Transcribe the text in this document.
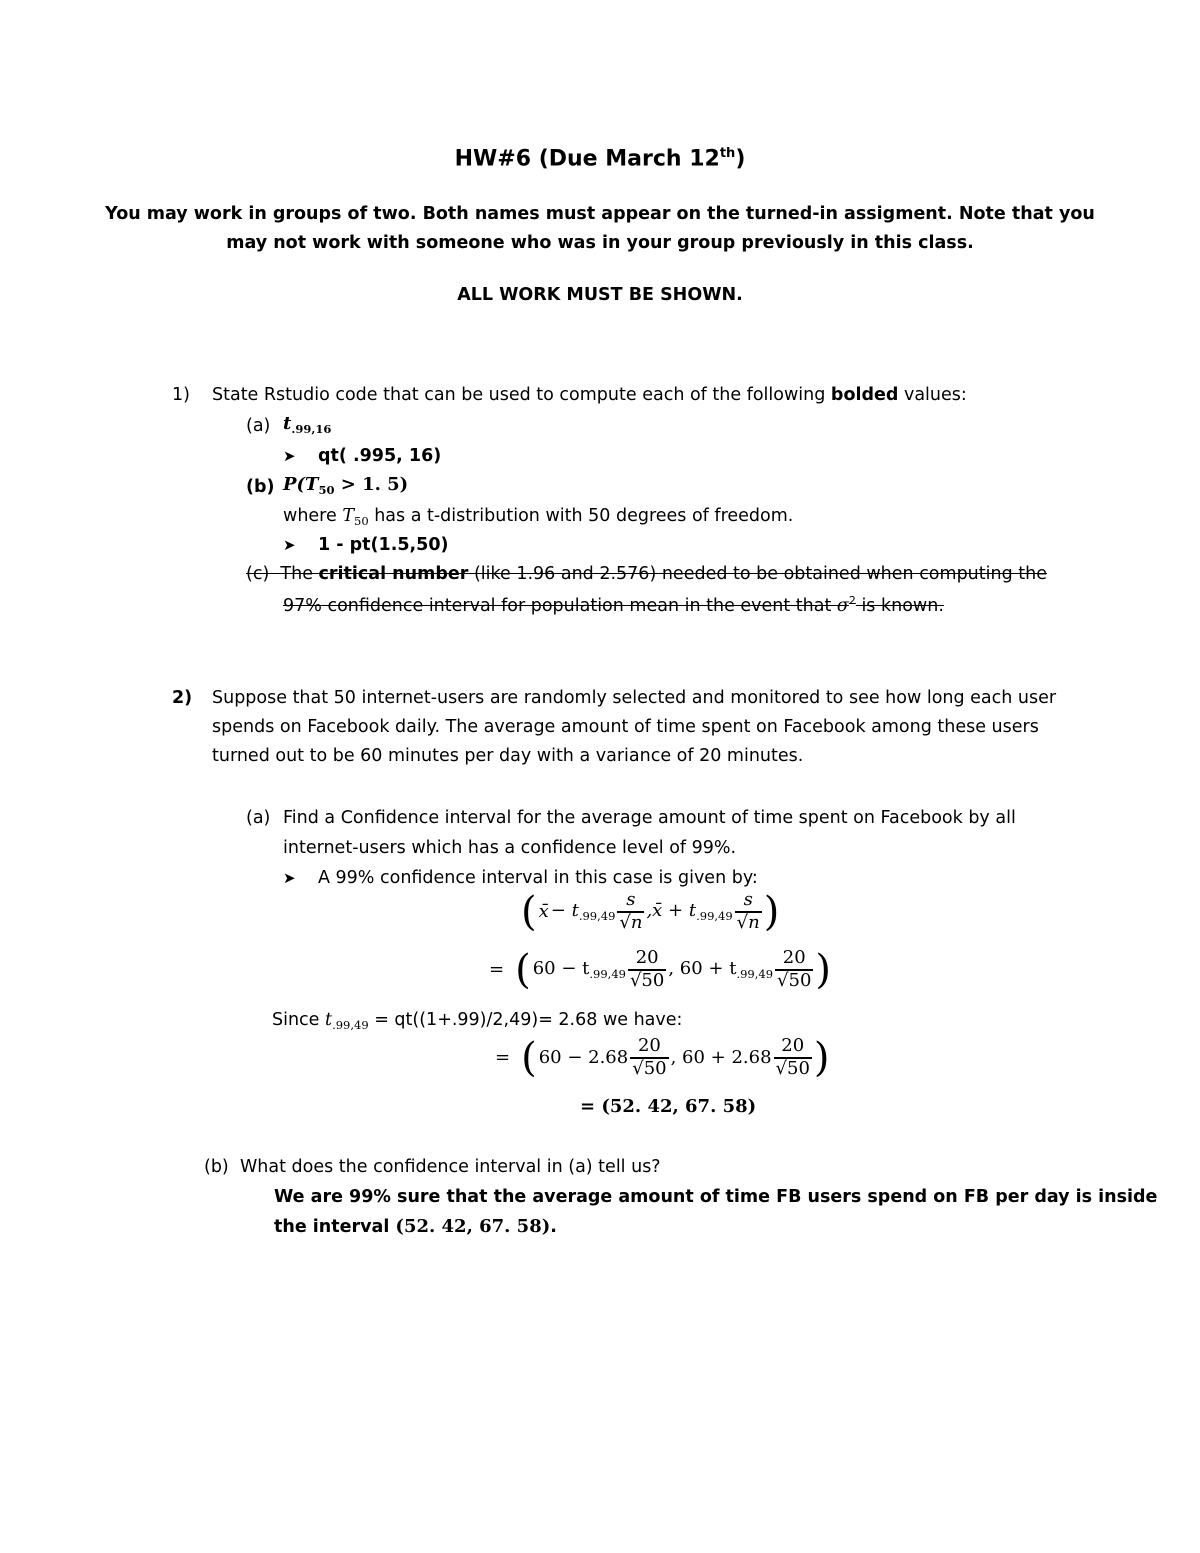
HW#6 (Due March 12th)
You may work in groups of two. Both names must appear on the turned-in assigment. Note that you
may not work with someone who was in your group previously in this class.
ALL WORK MUST BE SHOWN.
1) State Rstudio code that can be used to compute each of the following bolded values:
(a) $t_{.99,16}$
➤ qt( .995, 16)
(b) $P(T_{50} > 1$. 5)
where $T_{50}$ has a t-distribution with 50 degrees of freedom.
➤ 1 - pt(1.5,50)
(c) The critical number (like 1.96 and 2.576) needed to be obtained when computing the
97% confidence interval for population mean in the event that $\sigma^2$ is known.
2) Suppose that 50 internet-users are randomly selected and monitored to see how long each user
spends on Facebook daily. The average amount of time spent on Facebook among these users
turned out to be 60 minutes per day with a variance of 20 minutes.
(a) Find a Confidence interval for the average amount of time spent on Facebook by all
internet-users which has a confidence level of 99%.
➤ A 99% confidence interval in this case is given by:
( x̄ − $t_{.99,49} \frac{s}{√n}$ ,x̄ + $t_{.99,49} \frac{s}{√n}$ )
= ( $60 - t_{.99,49} \frac{20}{√50}$ , $60 + t_{.99,49} \frac{20}{√50}$ )
Since $t_{.99,49} = qt((1+.99)/2,49)= 2.68$ we have:
= ( $60 - 2.68 \frac{20}{√50}$ , $60 + 2.68 \frac{20}{√50}$ )
= (52. 42, 67. 58)
(b) What does the confidence interval in (a) tell us?
We are 99% sure that the average amount of time FB users spend on FB per day is inside
the interval (52. 42, 67. 58).
